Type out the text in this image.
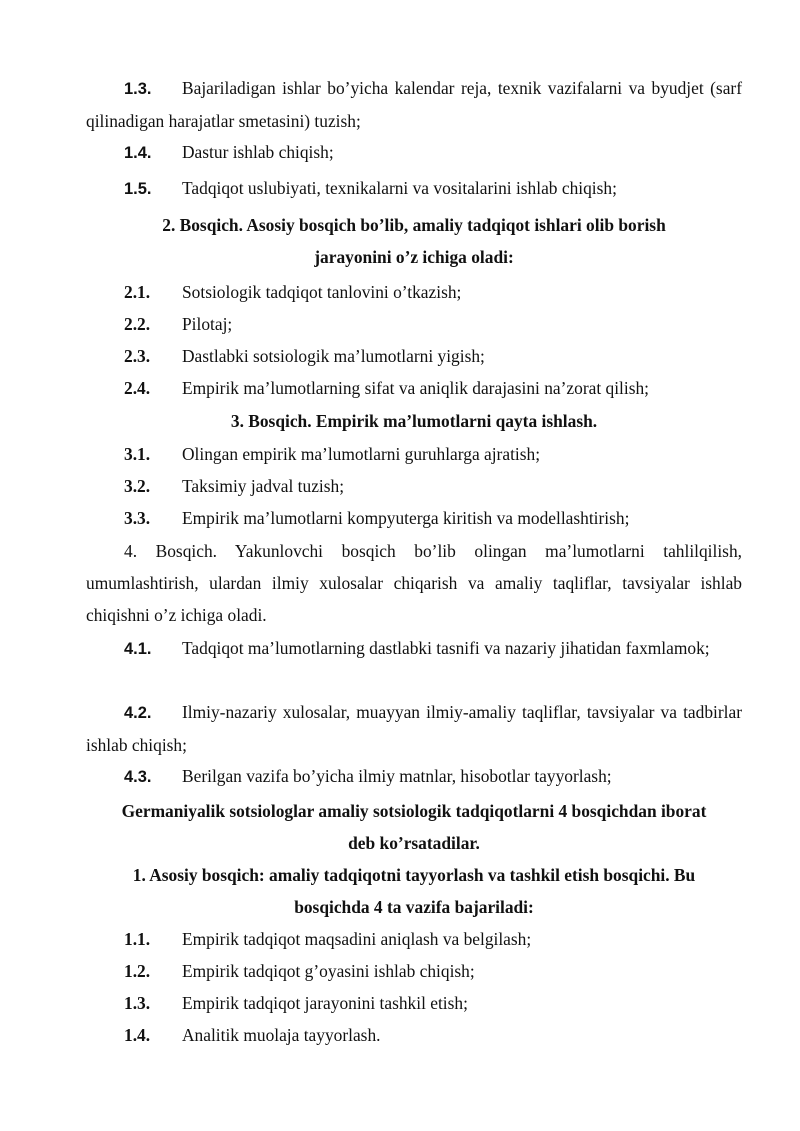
1.3. Bajariladigan ishlar bo’yicha kalendar reja, texnik vazifalarni va byudjet (sarf qilinadigan harajatlar smetasini) tuzish;

1.4. Dastur ishlab chiqish;

1.5. Tadqiqot uslubiyati, texnikalarni va vositalarini ishlab chiqish;

2. Bosqich. Asosiy bosqich bo’lib, amaliy tadqiqot ishlari olib borish

jarayonini o’z ichiga oladi:

2.1. Sotsiologik tadqiqot tanlovini o’tkazish;

2.2. Pilotaj;

2.3. Dastlabki sotsiologik ma’lumotlarni yigish;

2.4. Empirik ma’lumotlarning sifat va aniqlik darajasini na’zorat qilish;

3. Bosqich. Empirik ma’lumotlarni qayta ishlash.

3.1. Olingan empirik ma’lumotlarni guruhlarga ajratish;

3.2. Taksimiy jadval tuzish;

3.3. Empirik ma’lumotlarni kompyuterga kiritish va modellashtirish;

4. Bosqich. Yakunlovchi bosqich bo’lib olingan ma’lumotlarni tahlilqilish, umumlashtirish, ulardan ilmiy xulosalar chiqarish va amaliy taqliflar, tavsiyalar ishlab chiqishni o’z ichiga oladi.

4.1. Tadqiqot ma’lumotlarning dastlabki tasnifi va nazariy jihatidan faxmlamok;

4.2. Ilmiy-nazariy xulosalar, muayyan ilmiy-amaliy taqliflar, tavsiyalar va tadbirlar ishlab chiqish;

4.3. Berilgan vazifa bo’yicha ilmiy matnlar, hisobotlar tayyorlash;

Germaniyalik sotsiologlar amaliy sotsiologik tadqiqotlarni 4 bosqichdan iborat

deb ko’rsatadilar.

1. Asosiy bosqich: amaliy tadqiqotni tayyorlash va tashkil etish bosqichi. Bu

bosqichda 4 ta vazifa bajariladi:

1.1. Empirik tadqiqot maqsadini aniqlash va belgilash;

1.2. Empirik tadqiqot g’oyasini ishlab chiqish;

1.3. Empirik tadqiqot jarayonini tashkil etish;

1.4. Analitik muolaja tayyorlash.
